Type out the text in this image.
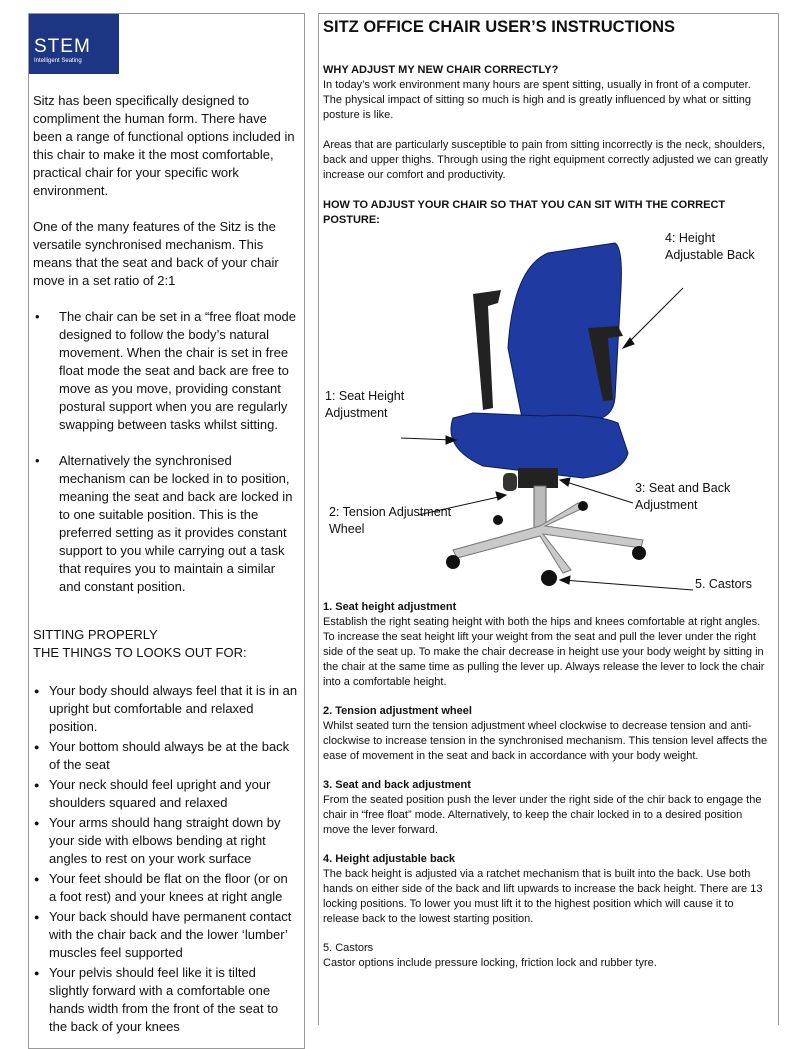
STEM
Intelligent Seating

Sitz has been specifically designed to compliment the human form. There have been a range of functional options included in this chair to make it the most comfortable, practical chair for your specific work environment.

One of the many features of the Sitz is the versatile synchronised mechanism. This means that the seat and back of your chair move in a set ratio of 2:1

• The chair can be set in a “free float mode designed to follow the body’s natural movement. When the chair is set in free float mode the seat and back are free to move as you move, providing constant postural support when you are regularly swapping between tasks whilst sitting.
• Alternatively the synchronised mechanism can be locked in to position, meaning the seat and back are locked in to one suitable position. This is the preferred setting as it provides constant support to you while carrying out a task that requires you to maintain a similar and constant position.

SITTING PROPERLY

THE THINGS TO LOOKS OUT FOR:

● Your body should always feel that it is in an upright but comfortable and relaxed position.
● Your bottom should always be at the back of the seat
● Your neck should feel upright and your shoulders squared and relaxed
● Your arms should hang straight down by your side with elbows bending at right angles to rest on your work surface
● Your feet should be flat on the floor (or on a foot rest) and your knees at right angle
● Your back should have permanent contact with the chair back and the lower ‘lumber’ muscles feel supported
● Your pelvis should feel like it is tilted slightly forward with a comfortable one hands width from the front of the seat to the back of your knees
SITZ OFFICE CHAIR USER’S INSTRUCTIONS

WHY ADJUST MY NEW CHAIR CORRECTLY?

In today’s work environment many hours are spent sitting, usually in front of a computer. The physical impact of sitting so much is high and is greatly influenced by what or sitting posture is like.

Areas that are particularly susceptible to pain from sitting incorrectly is the neck, shoulders, back and upper thighs. Through using the right equipment correctly adjusted we can greatly increase our comfort and productivity.

HOW TO ADJUST YOUR CHAIR SO THAT YOU CAN SIT WITH THE CORRECT POSTURE:

4: Height Adjustable Back
1: Seat Height Adjustment
3: Seat and Back Adjustment
2: Tension Adjustment Wheel
5. Castors

1. Seat height adjustment

Establish the right seating height with both the hips and knees comfortable at right angles. To increase the seat height lift your weight from the seat and pull the lever under the right side of the seat up. To make the chair decrease in height use your body weight by sitting in the chair at the same time as pulling the lever up. Always release the lever to lock the chair into a comfortable height.

2. Tension adjustment wheel

Whilst seated turn the tension adjustment wheel clockwise to decrease tension and anti-clockwise to increase tension in the synchronised mechanism. This tension level affects the ease of movement in the seat and back in accordance with your body weight.

3. Seat and back adjustment

From the seated position push the lever under the right side of the chir back to engage the chair in “free float” mode. Alternatively, to keep the chair locked in to a desired position move the lever forward.

4. Height adjustable back

The back height is adjusted via a ratchet mechanism that is built into the back. Use both hands on either side of the back and lift upwards to increase the back height. There are 13 locking positions. To lower you must lift it to the highest position which will cause it to release back to the lowest starting position.

5. Castors

Castor options include pressure locking, friction lock and rubber tyre.
